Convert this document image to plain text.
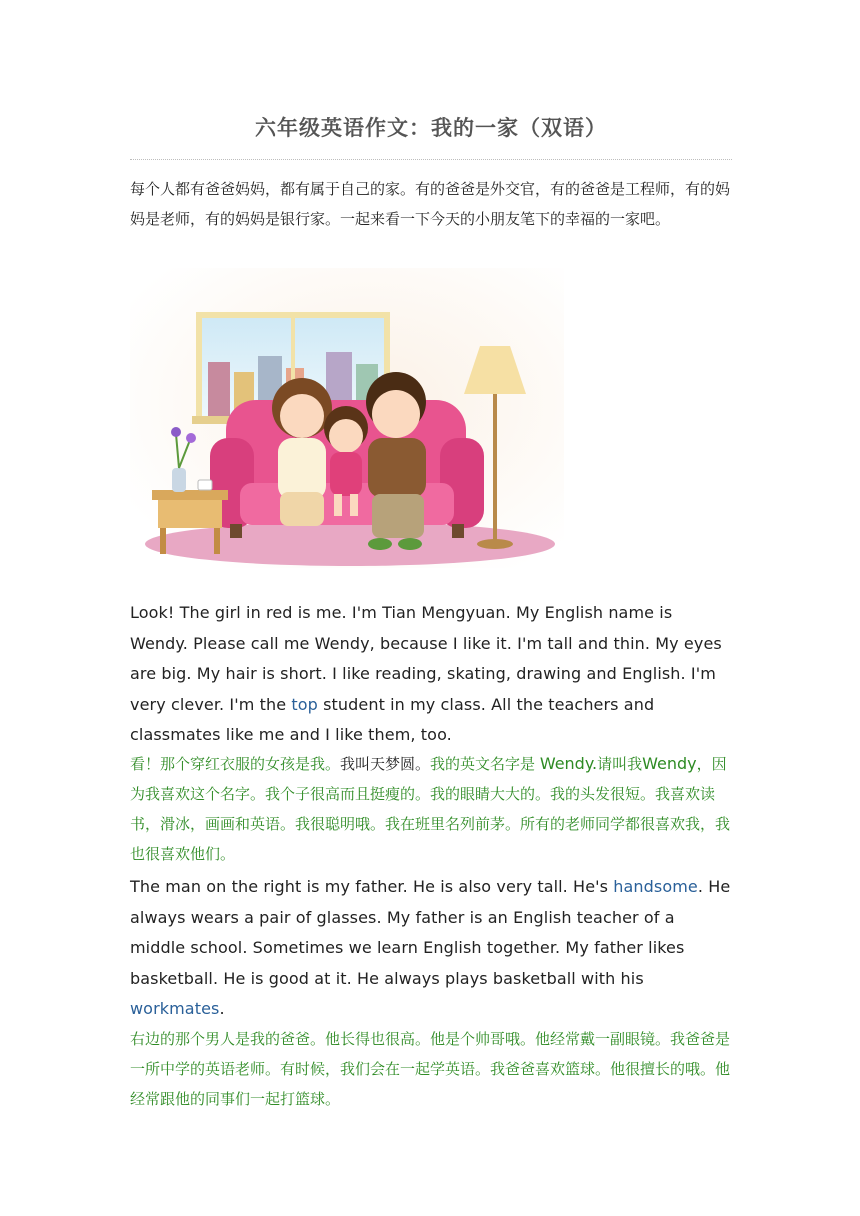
六年级英语作文：我的一家（双语）
每个人都有爸爸妈妈，都有属于自己的家。有的爸爸是外交官，有的爸爸是工程师，有的妈妈是老师，有的妈妈是银行家。一起来看一下今天的小朋友笔下的幸福的一家吧。
Look! The girl in red is me. I'm Tian Mengyuan. My English name is Wendy. Please call me Wendy, because I like it. I'm tall and thin. My eyes are big. My hair is short. I like reading, skating, drawing and English. I'm very clever. I'm the top student in my class. All the teachers and classmates like me and I like them, too.
看！那个穿红衣服的女孩是我。我叫天梦圆。我的英文名字是 Wendy.请叫我Wendy，因为我喜欢这个名字。我个子很高而且挺瘦的。我的眼睛大大的。我的头发很短。我喜欢读书，滑冰，画画和英语。我很聪明哦。我在班里名列前茅。所有的老师同学都很喜欢我，我也很喜欢他们。
The man on the right is my father. He is also very tall. He's handsome. He always wears a pair of glasses. My father is an English teacher of a middle school. Sometimes we learn English together. My father likes basketball. He is good at it. He always plays basketball with his workmates.
右边的那个男人是我的爸爸。他长得也很高。他是个帅哥哦。他经常戴一副眼镜。我爸爸是一所中学的英语老师。有时候，我们会在一起学英语。我爸爸喜欢篮球。他很擅长的哦。他经常跟他的同事们一起打篮球。
